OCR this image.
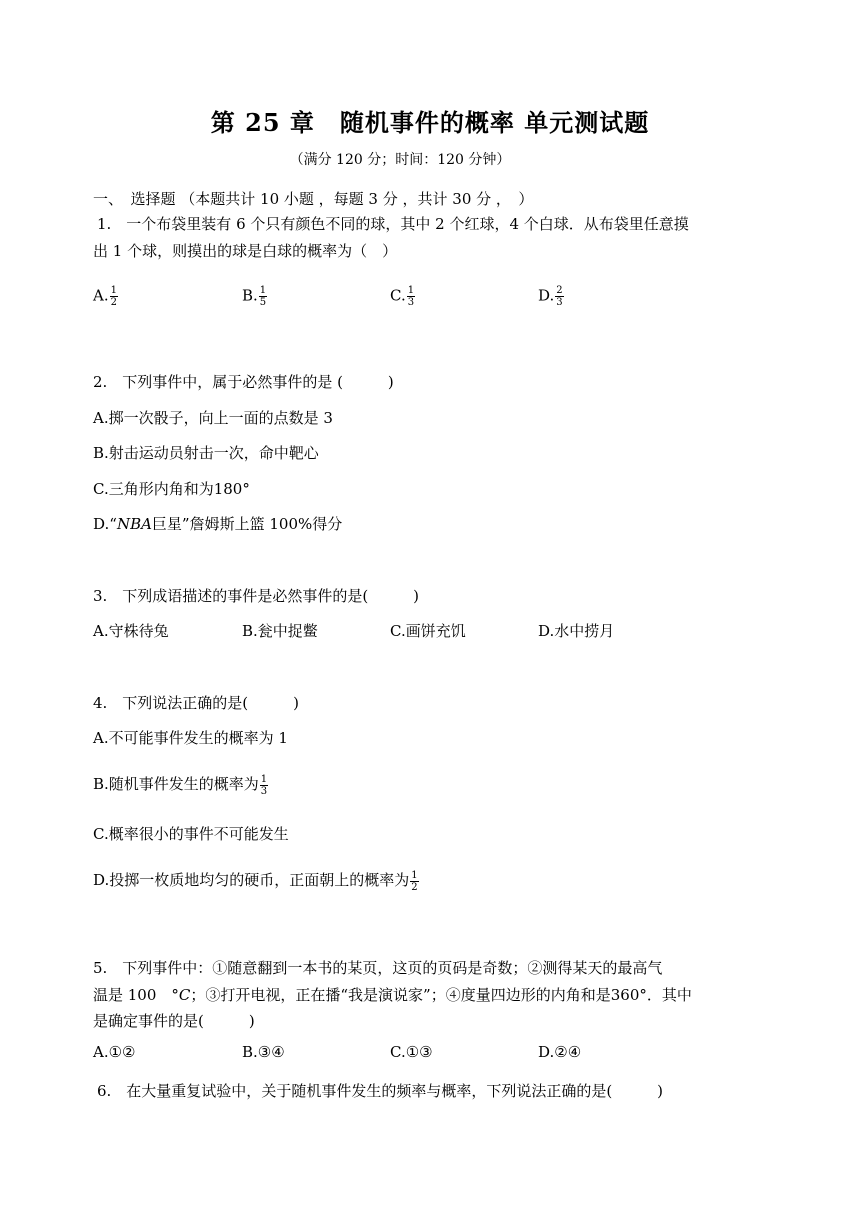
第 25 章　随机事件的概率 单元测试题
（满分 120 分；时间：120 分钟）
一、　选择题 （本题共计 10 小题 ，每题 3 分 ，共计 30 分 ，　）
1.　一个布袋里装有 6 个只有颜色不同的球，其中 2 个红球，4 个白球．从布袋里任意摸
出 1 个球，则摸出的球是白球的概率为（　）
A. $\frac{1}{2}$	B. $\frac{1}{5}$	C. $\frac{1}{3}$	D. $\frac{2}{3}$
2.　下列事件中，属于必然事件的是 (　　　)
A.掷一次骰子，向上一面的点数是 3
B.射击运动员射击一次，命中靶心
C.三角形内角和为180°
D.“NBA巨星”詹姆斯上篮 100%得分
3.　下列成语描述的事件是必然事件的是(　　　)
A.守株待兔	B.瓮中捉鳖	C.画饼充饥	D.水中捞月
4.　下列说法正确的是(　　　)
A.不可能事件发生的概率为 1
B.随机事件发生的概率为 $\frac{1}{3}$
C.概率很小的事件不可能发生
D.投掷一枚质地均匀的硬币，正面朝上的概率为 $\frac{1}{2}$
5.　下列事件中：①随意翻到一本书的某页，这页的页码是奇数；②测得某天的最高气
温是 100　°C；③打开电视，正在播“我是演说家”；④度量四边形的内角和是360°．其中
是确定事件的是(　　　)
A.①②	B.③④	C.①③	D.②④
6.　在大量重复试验中，关于随机事件发生的频率与概率，下列说法正确的是(　　　)
